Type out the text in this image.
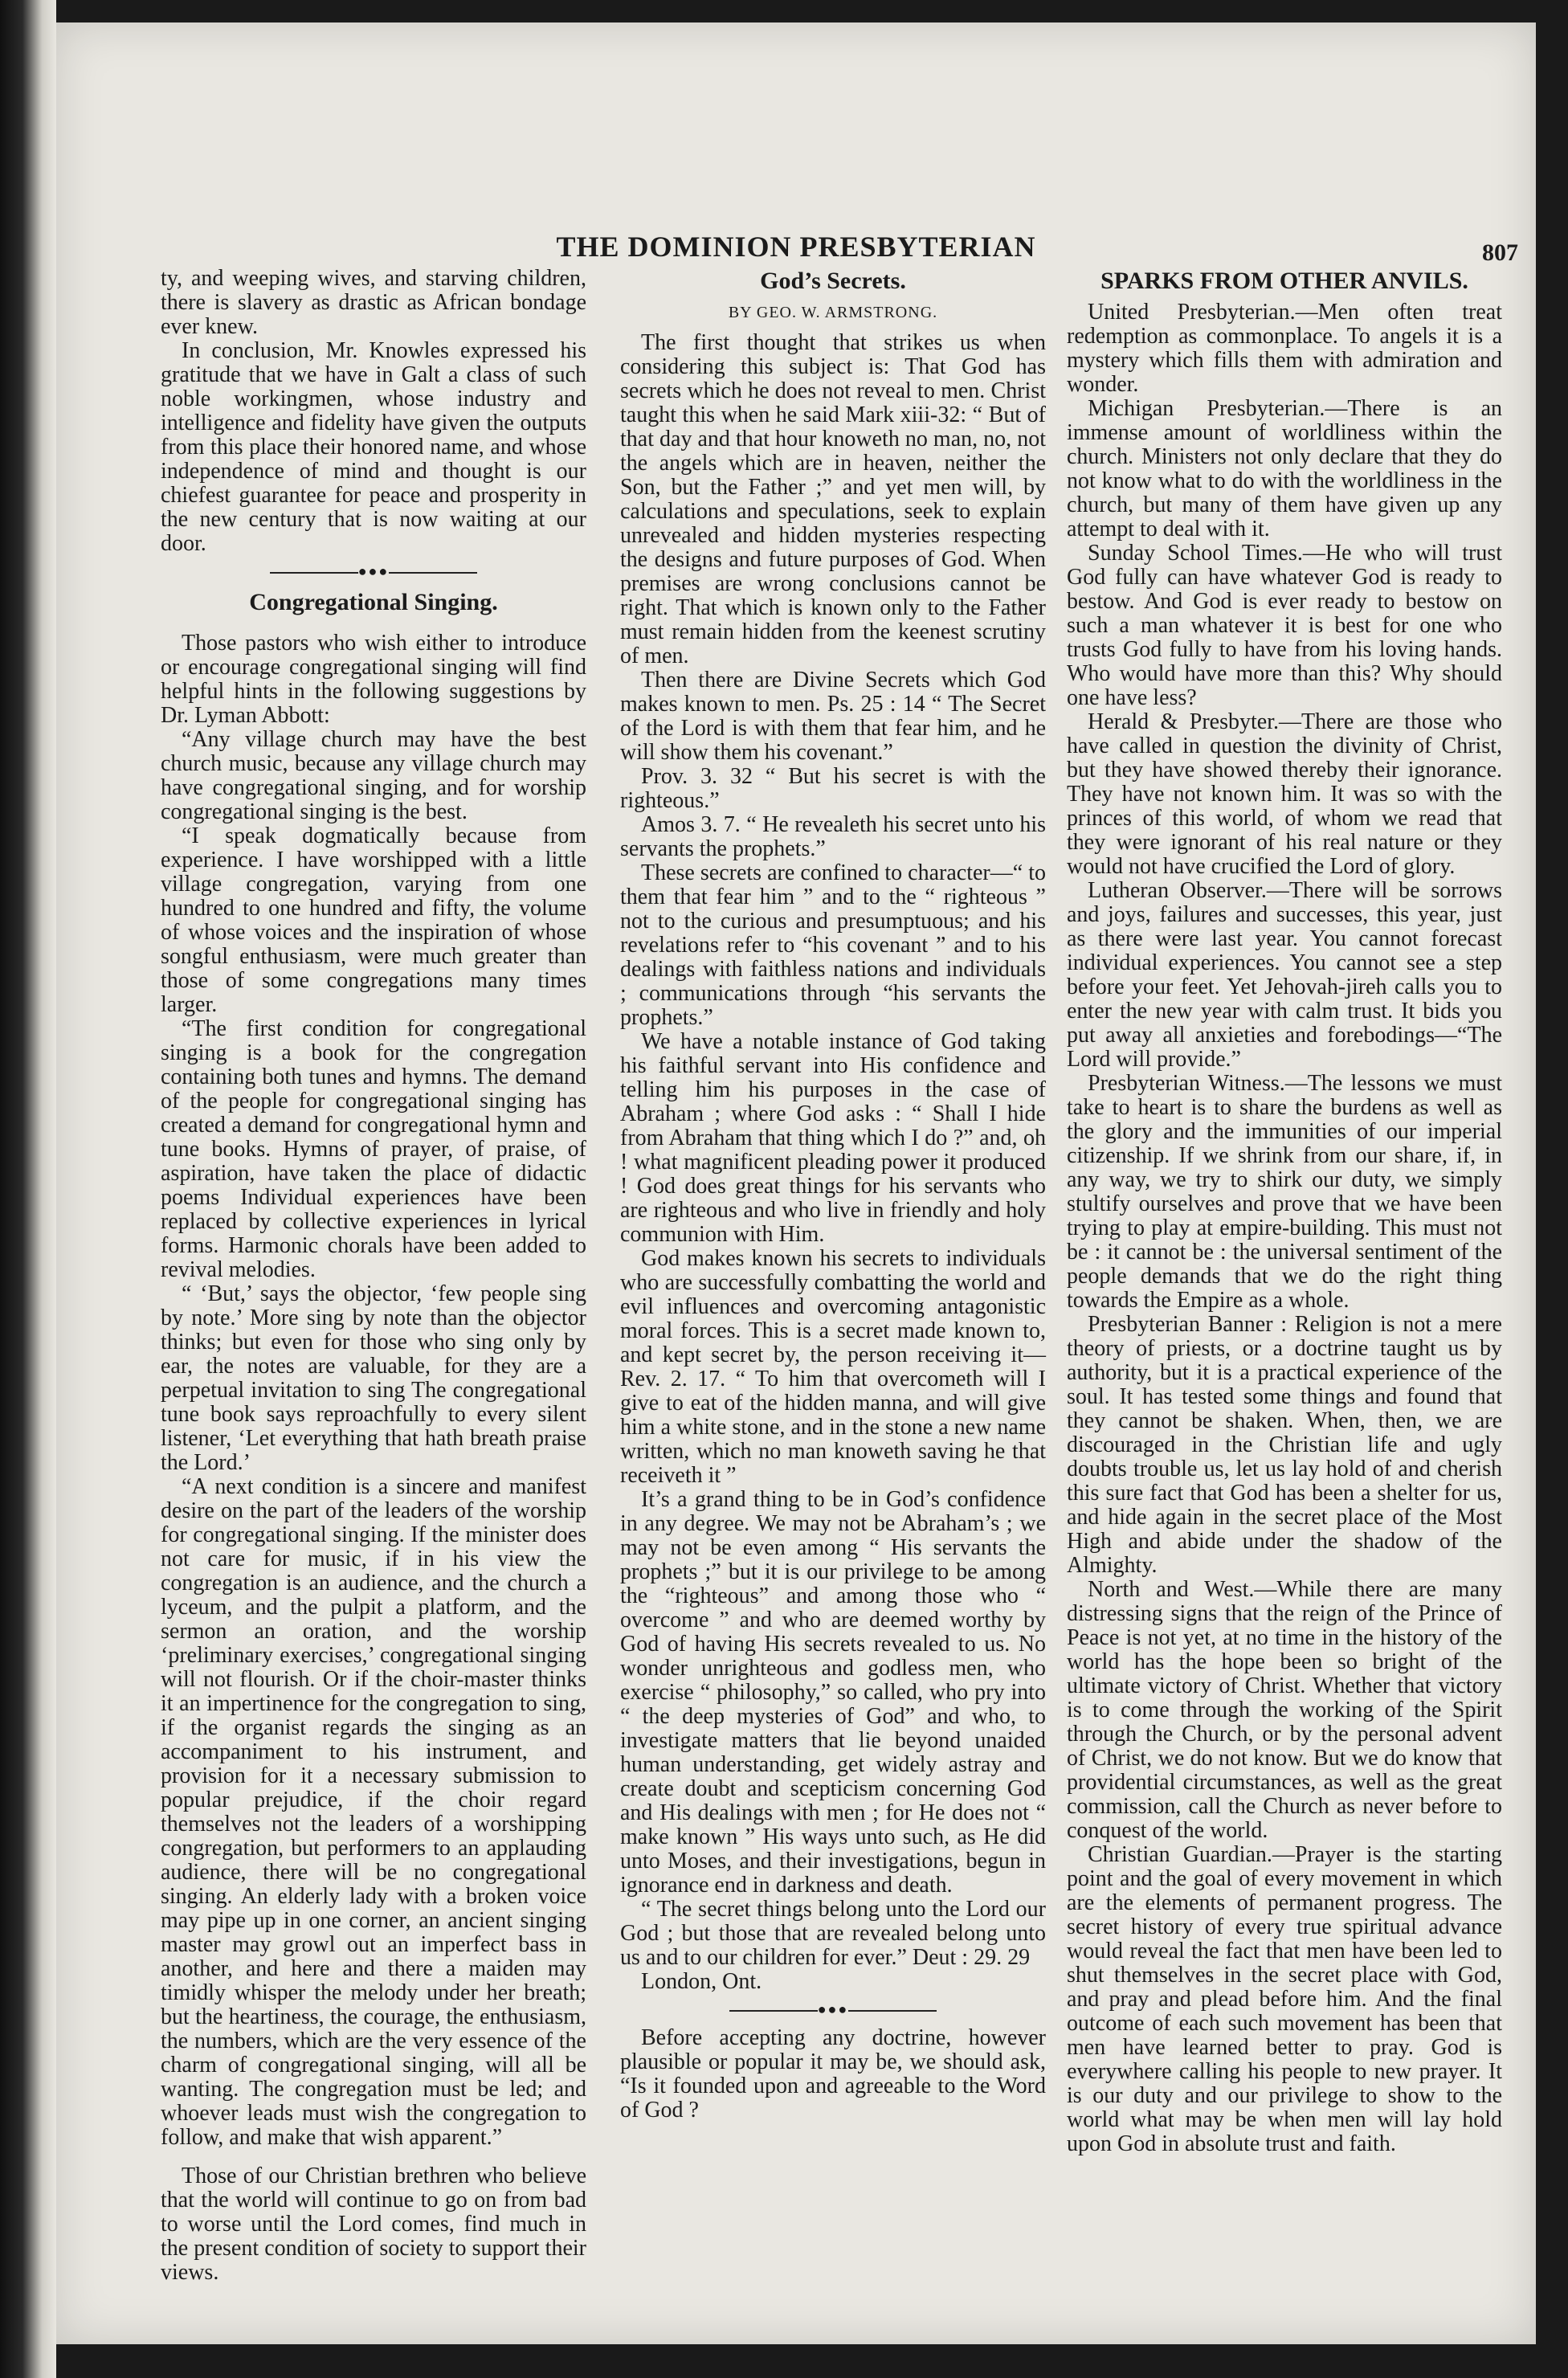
THE DOMINION PRESBYTERIAN	807

ty, and weeping wives, and starving children, there is slavery as drastic as African bondage ever knew.

In conclusion, Mr. Knowles expressed his gratitude that we have in Galt a class of such noble workingmen, whose industry and intelligence and fidelity have given the outputs from this place their honored name, and whose independence of mind and thought is our chiefest guarantee for peace and prosperity in the new century that is now waiting at our door.

●●●
Congregational Singing.

Those pastors who wish either to introduce or encourage congregational singing will find helpful hints in the following suggestions by Dr. Lyman Abbott:

“Any village church may have the best church music, because any village church may have congregational singing, and for worship congregational singing is the best.

“I speak dogmatically because from experience. I have worshipped with a little village congregation, varying from one hundred to one hundred and fifty, the volume of whose voices and the inspiration of whose songful enthusiasm, were much greater than those of some congregations many times larger.

“The first condition for congregational singing is a book for the congregation containing both tunes and hymns. The demand of the people for congregational singing has created a demand for congregational hymn and tune books. Hymns of prayer, of praise, of aspiration, have taken the place of didactic poems Individual experiences have been replaced by collective experiences in lyrical forms. Harmonic chorals have been added to revival melodies.

“ ‘But,’ says the objector, ‘few people sing by note.’ More sing by note than the objector thinks; but even for those who sing only by ear, the notes are valuable, for they are a perpetual invitation to sing The congregational tune book says reproachfully to every silent listener, ‘Let everything that hath breath praise the Lord.’

“A next condition is a sincere and manifest desire on the part of the leaders of the worship for congregational singing. If the minister does not care for music, if in his view the congregation is an audience, and the church a lyceum, and the pulpit a platform, and the sermon an oration, and the worship ‘preliminary exercises,’ congregational singing will not flourish. Or if the choir-master thinks it an impertinence for the congregation to sing, if the organist regards the singing as an accompaniment to his instrument, and provision for it a necessary submission to popular prejudice, if the choir regard themselves not the leaders of a worshipping congregation, but performers to an applauding audience, there will be no congregational singing. An elderly lady with a broken voice may pipe up in one corner, an ancient singing master may growl out an imperfect bass in another, and here and there a maiden may timidly whisper the melody under her breath; but the heartiness, the courage, the enthusiasm, the numbers, which are the very essence of the charm of congregational singing, will all be wanting. The congregation must be led; and whoever leads must wish the congregation to follow, and make that wish apparent.”

Those of our Christian brethren who believe that the world will continue to go on from bad to worse until the Lord comes, find much in the present condition of society to support their views.

God’s Secrets.
BY GEO. W. ARMSTRONG.

The first thought that strikes us when considering this subject is: That God has secrets which he does not reveal to men. Christ taught this when he said Mark xiii-32: “ But of that day and that hour knoweth no man, no, not the angels which are in heaven, neither the Son, but the Father ;” and yet men will, by calculations and speculations, seek to explain unrevealed and hidden mysteries respecting the designs and future purposes of God. When premises are wrong conclusions cannot be right. That which is known only to the Father must remain hidden from the keenest scrutiny of men.

Then there are Divine Secrets which God makes known to men. Ps. 25 : 14 “ The Secret of the Lord is with them that fear him, and he will show them his covenant.”

Prov. 3. 32 “ But his secret is with the righteous.”

Amos 3. 7. “ He revealeth his secret unto his servants the prophets.”

These secrets are confined to character—“ to them that fear him ” and to the “ righteous ” not to the curious and presumptuous; and his revelations refer to “his covenant ” and to his dealings with faithless nations and individuals ; communications through “his servants the prophets.”

We have a notable instance of God taking his faithful servant into His confidence and telling him his purposes in the case of Abraham ; where God asks : “ Shall I hide from Abraham that thing which I do ?” and, oh ! what magnificent pleading power it produced ! God does great things for his servants who are righteous and who live in friendly and holy communion with Him.

God makes known his secrets to individuals who are successfully combatting the world and evil influences and overcoming antagonistic moral forces. This is a secret made known to, and kept secret by, the person receiving it—Rev. 2. 17. “ To him that overcometh will I give to eat of the hidden manna, and will give him a white stone, and in the stone a new name written, which no man knoweth saving he that receiveth it ”

It’s a grand thing to be in God’s confidence in any degree. We may not be Abraham’s ; we may not be even among “ His servants the prophets ;” but it is our privilege to be among the “righteous” and among those who “ overcome ” and who are deemed worthy by God of having His secrets revealed to us. No wonder unrighteous and godless men, who exercise “ philosophy,” so called, who pry into “ the deep mysteries of God” and who, to investigate matters that lie beyond unaided human understanding, get widely astray and create doubt and scepticism concerning God and His dealings with men ; for He does not “ make known ” His ways unto such, as He did unto Moses, and their investigations, begun in ignorance end in darkness and death.

“ The secret things belong unto the Lord our God ; but those that are revealed belong unto us and to our children for ever.” Deut : 29. 29

London, Ont.

●●●

Before accepting any doctrine, however plausible or popular it may be, we should ask, “Is it founded upon and agreeable to the Word of God ?

SPARKS FROM OTHER ANVILS.

United Presbyterian.—Men often treat redemption as commonplace. To angels it is a mystery which fills them with admiration and wonder.

Michigan Presbyterian.—There is an immense amount of worldliness within the church. Ministers not only declare that they do not know what to do with the worldliness in the church, but many of them have given up any attempt to deal with it.

Sunday School Times.—He who will trust God fully can have whatever God is ready to bestow. And God is ever ready to bestow on such a man whatever it is best for one who trusts God fully to have from his loving hands. Who would have more than this? Why should one have less?

Herald & Presbyter.—There are those who have called in question the divinity of Christ, but they have showed thereby their ignorance. They have not known him. It was so with the princes of this world, of whom we read that they were ignorant of his real nature or they would not have crucified the Lord of glory.

Lutheran Observer.—There will be sorrows and joys, failures and successes, this year, just as there were last year. You cannot forecast individual experiences. You cannot see a step before your feet. Yet Jehovah-jireh calls you to enter the new year with calm trust. It bids you put away all anxieties and forebodings—“The Lord will provide.”

Presbyterian Witness.—The lessons we must take to heart is to share the burdens as well as the glory and the immunities of our imperial citizenship. If we shrink from our share, if, in any way, we try to shirk our duty, we simply stultify ourselves and prove that we have been trying to play at empire-building. This must not be : it cannot be : the universal sentiment of the people demands that we do the right thing towards the Empire as a whole.

Presbyterian Banner : Religion is not a mere theory of priests, or a doctrine taught us by authority, but it is a practical experience of the soul. It has tested some things and found that they cannot be shaken. When, then, we are discouraged in the Christian life and ugly doubts trouble us, let us lay hold of and cherish this sure fact that God has been a shelter for us, and hide again in the secret place of the Most High and abide under the shadow of the Almighty.

North and West.—While there are many distressing signs that the reign of the Prince of Peace is not yet, at no time in the history of the world has the hope been so bright of the ultimate victory of Christ. Whether that victory is to come through the working of the Spirit through the Church, or by the personal advent of Christ, we do not know. But we do know that providential circumstances, as well as the great commission, call the Church as never before to conquest of the world.

Christian Guardian.—Prayer is the starting point and the goal of every movement in which are the elements of permanent progress. The secret history of every true spiritual advance would reveal the fact that men have been led to shut themselves in the secret place with God, and pray and plead before him. And the final outcome of each such movement has been that men have learned better to pray. God is everywhere calling his people to new prayer. It is our duty and our privilege to show to the world what may be when men will lay hold upon God in absolute trust and faith.
